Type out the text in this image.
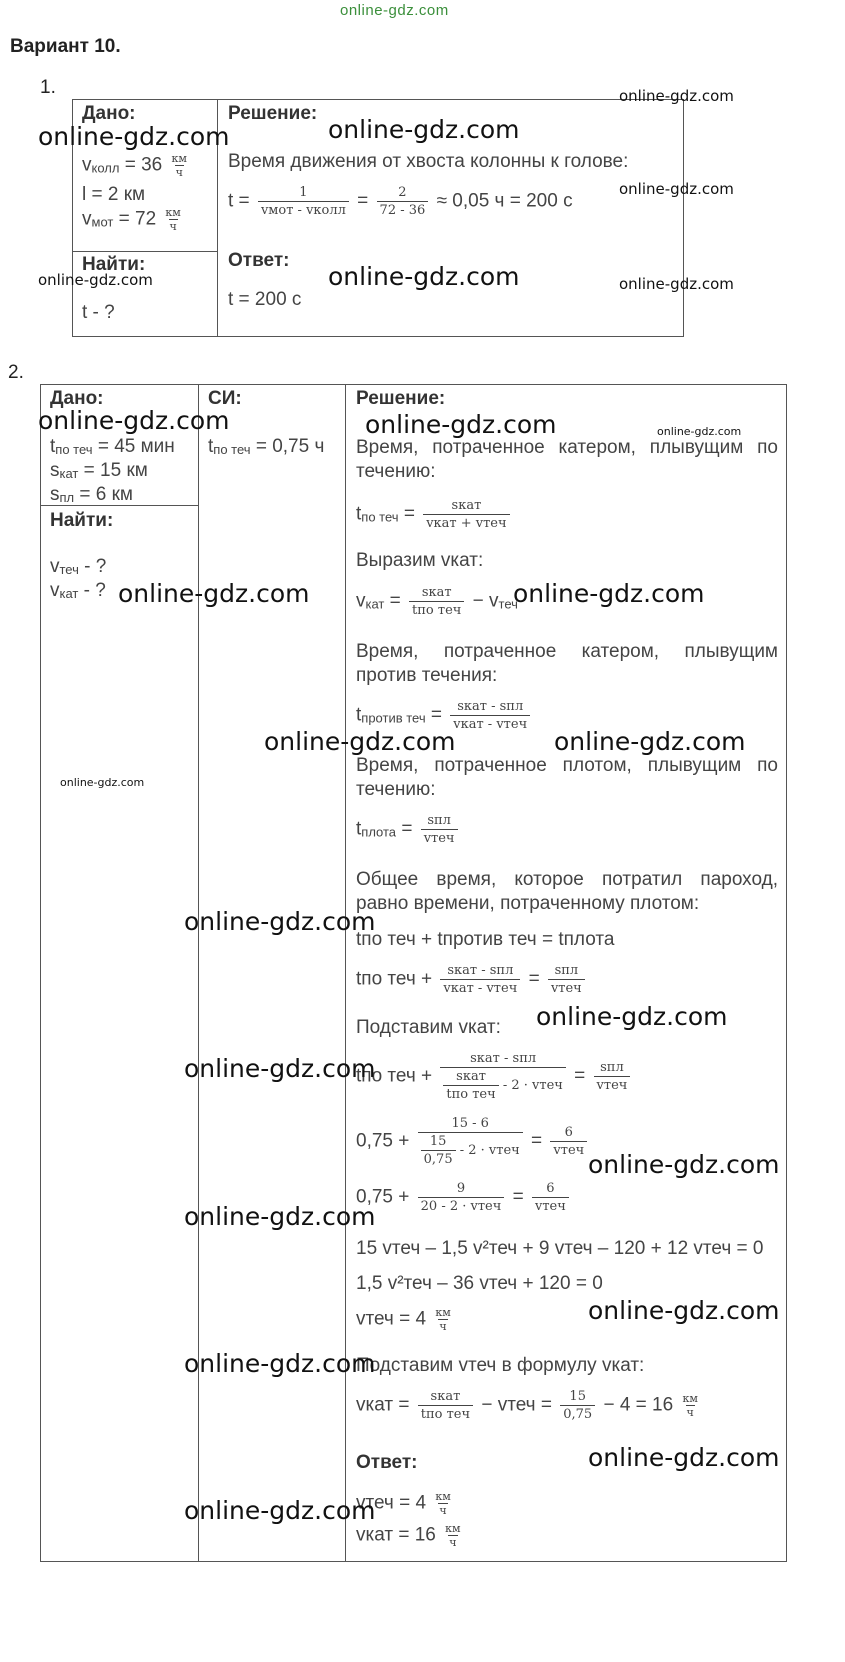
online-gdz.com
Вариант 10.
1.
Дано:
vколл = 36 км
ч
l = 2 км
vмот = 72 км
ч
Найти:
t - ?
Решение:
Время движения от хвоста колонны к голове:
$t = \frac{1}{\text{vмот - vколл}} = \frac{2}{72 - 36} \approx 0,05$ ч = 200 с
Ответ:
t = 200 с
online-gdz.com	online-gdz.com
online-gdz.com
online-gdz.com
online-gdz.com
online-gdz.com
online-gdz.com
2.
Дано:
tпо теч = 45 мин
sкат = 15 км
sпл = 6 км
Найти:
vтеч - ?
vкат - ?
СИ:
tпо теч = 0,75 ч
Решение:
Время, потраченное катером, плывущим по течению:
tпо теч = $\frac{\text{sкат}}{\text{vкат + vтеч}}$
Выразим vкат:
vкат = $\frac{\text{sкат}}{\text{tпо теч}}$ − vтеч
Время, потраченное катером, плывущим против течения:
tпротив теч = $\frac{\text{sкат - sпл}}{\text{vкат - vтеч}}$
Время, потраченное плотом, плывущим по течению:
tплота = $\frac{\text{sпл}}{\text{vтеч}}$
Общее время, которое потратил пароход, равно времени, потраченному плотом:
tпо теч + tпротив теч = tплота
tпо теч + $\frac{\text{sкат - sпл}}{\text{vкат - vтеч}} = \frac{\text{sпл}}{\text{vтеч}}$
Подставим vкат:
tпо теч + $\frac{\text{sкат - sпл}}{\frac{\text{sкат}}{\text{tпо теч}} - 2 \cdot vтеч} = \frac{\text{sпл}}{\text{vтеч}}$
$0,75 + \frac{15 - 6}{\frac{15}{0,75} - 2 \cdot vтеч} = \frac{6}{\text{vтеч}}$
$0,75 + \frac{9}{\text{20 - 2 · vтеч}} = \frac{6}{\text{vтеч}}$
15 vтеч – 1,5 v²теч + 9 vтеч – 120 + 12 vтеч = 0
1,5 v²теч – 36 vтеч + 120 = 0
vтеч = 4 км
ч
Подставим vтеч в формулу vкат:
vкат = $\frac{\text{sкат}}{\text{tпо теч}}$ − vтеч = $\frac{15}{0,75} - 4 = 16$ км
ч
Ответ:
vтеч = 4 км
ч
vкат = 16 км
ч
online-gdz.com	online-gdz.com	online-gdz.com
online-gdz.com	online-gdz.com
online-gdz.com	online-gdz.com
online-gdz.com
online-gdz.com
online-gdz.com
online-gdz.com
online-gdz.com
online-gdz.com
online-gdz.com
online-gdz.com
online-gdz.com
online-gdz.com
